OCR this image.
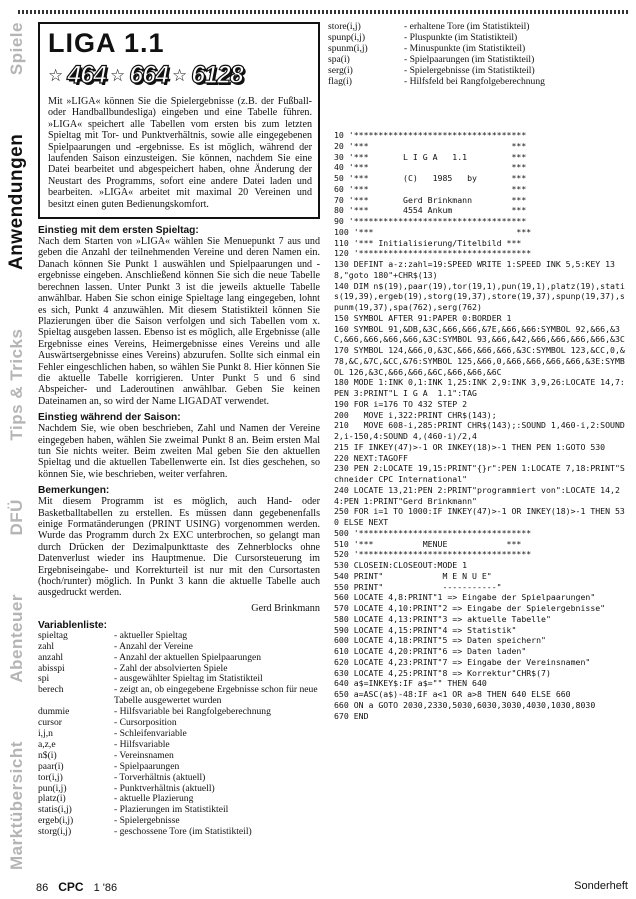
Marktübersicht
Abenteuer
DFÜ
Tips & Tricks
Anwendungen
Spiele LIGA 1.1
☆ 464 ☆ 664 ☆ 6128

Mit »LIGA« können Sie die Spielergebnisse (z.B. der Fußball- oder Handballbundesliga) eingeben und eine Tabelle führen. »LIGA« speichert alle Tabellen vom ersten bis zum letzten Spieltag mit Tor- und Punktverhältnis, sowie alle eingegebenen Spielpaarungen und -ergebnisse. Es ist möglich, während der laufenden Saison einzusteigen. Sie können, nachdem Sie eine Datei bearbeitet und abgespeichert haben, ohne Änderung der Neustart des Programms, sofort eine andere Datei laden und bearbeiten. »LIGA« arbeitet mit maximal 20 Vereinen und besitzt einen guten Bedienungskomfort.

Einstieg mit dem ersten Spieltag:

Nach dem Starten von »LIGA« wählen Sie Menuepunkt 7 aus und geben die Anzahl der teilnehmenden Vereine und deren Namen ein. Danach können Sie Punkt 1 auswählen und Spielpaarungen und -ergebnisse eingeben. Anschließend können Sie sich die neue Tabelle berechnen lassen. Unter Punkt 3 ist die jeweils aktuelle Tabelle anwählbar. Haben Sie schon einige Spieltage lang eingegeben, lohnt es sich, Punkt 4 anzuwählen. Mit diesem Statistikteil können Sie Plazierungen über die Saison verfolgen und sich Tabellen vom x. Spieltag ausgeben lassen. Ebenso ist es möglich, alle Ergebnisse (alle Ergebnisse eines Vereins, Heimergebnisse eines Vereins und alle Auswärtsergebnisse eines Vereins) abzurufen. Sollte sich einmal ein Fehler eingeschlichen haben, so wählen Sie Punkt 8. Hier können Sie die aktuelle Tabelle korrigieren. Unter Punkt 5 und 6 sind Abspeicher- und Laderoutinen anwählbar. Geben Sie keinen Dateinamen an, so wird der Name LIGADAT verwendet.

Einstieg während der Saison:

Nachdem Sie, wie oben beschrieben, Zahl und Namen der Vereine eingegeben haben, wählen Sie zweimal Punkt 8 an. Beim ersten Mal tun Sie nichts weiter. Beim zweiten Mal geben Sie den aktuellen Spieltag und die aktuellen Tabellenwerte ein. Ist dies geschehen, so können Sie, wie beschrieben, weiter verfahren.

Bemerkungen:

Mit diesem Programm ist es möglich, auch Hand- oder Basketballtabellen zu erstellen. Es müssen dann gegebenenfalls einige Formatänderungen (PRINT USING) vorgenommen werden. Wurde das Programm durch 2x EXC unterbrochen, so gelangt man durch Drücken der Dezimalpunkttaste des Zehnerblocks ohne Datenverlust wieder ins Hauptmenue. Die Cursorsteuerung im Ergebniseingabe- und Korrekturteil ist nur mit den Cursortasten (hoch/runter) möglich. In Punkt 3 kann die aktuelle Tabelle auch ausgedruckt werden.

Gerd Brinkmann
Variablenliste:
spieltag	- aktueller Spieltag
zahl	- Anzahl der Vereine
anzahl	- Anzahl der aktuellen Spielpaarungen
abisspi	- Zahl der absolvierten Spiele
spi	- ausgewählter Spieltag im Statistikteil
berech	- zeigt an, ob eingegebene Ergebnisse schon für neue Tabelle ausgewertet wurden
dummie	- Hilfsvariable bei Rangfolgeberechnung
cursor	- Cursorposition
i,j,n	- Schleifenvariable
a,z,e	- Hilfsvariable
n$(i)	- Vereinsnamen
paar(i)	- Spielpaarungen
tor(i,j)	- Torverhältnis (aktuell)
pun(i,j)	- Punktverhältnis (aktuell)
platz(i)	- aktuelle Plazierung
statis(i,j)	- Plazierungen im Statistikteil
ergeb(i,j)	- Spielergebnisse
storg(i,j)	- geschossene Tore (im Statistikteil)
store(i,j)	- erhaltene Tore (im Statistikteil)
spunp(i,j)	- Pluspunkte (im Statistikteil)
spunm(i,j)	- Minuspunkte (im Statistikteil)
spa(i)	- Spielpaarungen (im Statistikteil)
serg(i)	- Spielergebnisse (im Statistikteil)
flag(i)	- Hilfsfeld bei Rangfolgeberechnung
10 '***********************************
20 '***                             ***
30 '***       L I G A   1.1         ***
40 '***                             ***
50 '***       (C)   1985   by       ***
60 '***                             ***
70 '***       Gerd Brinkmann        ***
80 '***       4554 Ankum            ***
90 '***********************************
100 '***                             ***
110 '*** Initialisierung/Titelbild ***
120 '***********************************
130 DEFINT a-z:zahl=19:SPEED WRITE 1:SPEED INK 5,5:KEY 138,"goto 180"+CHR$(13)
140 DIM n$(19),paar(19),tor(19,1),pun(19,1),platz(19),statis(19,39),ergeb(19),storg(19,37),store(19,37),spunp(19,37),spunm(19,37),spa(762),serg(762)
150 SYMBOL AFTER 91:PAPER 0:BORDER 1
160 SYMBOL 91,&DB,&3C,&66,&66,&7E,&66,&66:SYMBOL 92,&66,&3C,&66,&66,&66,&66,&3C:SYMBOL 93,&66,&42,&66,&66,&66,&66,&3C
170 SYMBOL 124,&66,0,&3C,&66,&66,&66,&3C:SYMBOL 123,&CC,0,&78,&C,&7C,&CC,&76:SYMBOL 125,&66,0,&66,&66,&66,&66,&3E:SYMBOL 126,&3C,&66,&66,&6C,&66,&66,&6C
180 MODE 1:INK 0,1:INK 1,25:INK 2,9:INK 3,9,26:LOCATE 14,7:PEN 3:PRINT"L I G A  1.1":TAG
190 FOR i=176 TO 432 STEP 2
200   MOVE i,322:PRINT CHR$(143);
210   MOVE 608-i,285:PRINT CHR$(143);:SOUND 1,460-i,2:SOUND 2,i-150,4:SOUND 4,(460-i)/2,4
215 IF INKEY(47)>-1 OR INKEY(18)>-1 THEN PEN 1:GOTO 530
220 NEXT:TAGOFF
230 PEN 2:LOCATE 19,15:PRINT"{}r":PEN 1:LOCATE 7,18:PRINT"Schneider CPC International"
240 LOCATE 13,21:PEN 2:PRINT"programmiert von":LOCATE 14,24:PEN 1:PRINT"Gerd Brinkmann"
250 FOR i=1 TO 1000:IF INKEY(47)>-1 OR INKEY(18)>-1 THEN 530 ELSE NEXT
500 '***********************************
510 '***          MENUE            ***
520 '***********************************
530 CLOSEIN:CLOSEOUT:MODE 1
540 PRINT"            M E N U E"
550 PRINT"            -----------"
560 LOCATE 4,8:PRINT"1 => Eingabe der Spielpaarungen"
570 LOCATE 4,10:PRINT"2 => Eingabe der Spielergebnisse"
580 LOCATE 4,13:PRINT"3 => aktuelle Tabelle"
590 LOCATE 4,15:PRINT"4 => Statistik"
600 LOCATE 4,18:PRINT"5 => Daten speichern"
610 LOCATE 4,20:PRINT"6 => Daten laden"
620 LOCATE 4,23:PRINT"7 => Eingabe der Vereinsnamen"
630 LOCATE 4,25:PRINT"8 => Korrektur"CHR$(7)
640 a$=INKEY$:IF a$="" THEN 640
650 a=ASC(a$)-48:IF a<1 OR a>8 THEN 640 ELSE 660
660 ON a GOTO 2030,2330,5030,6030,3030,4030,1030,8030
670 END
86 CPC 1 '86	Sonderheft
